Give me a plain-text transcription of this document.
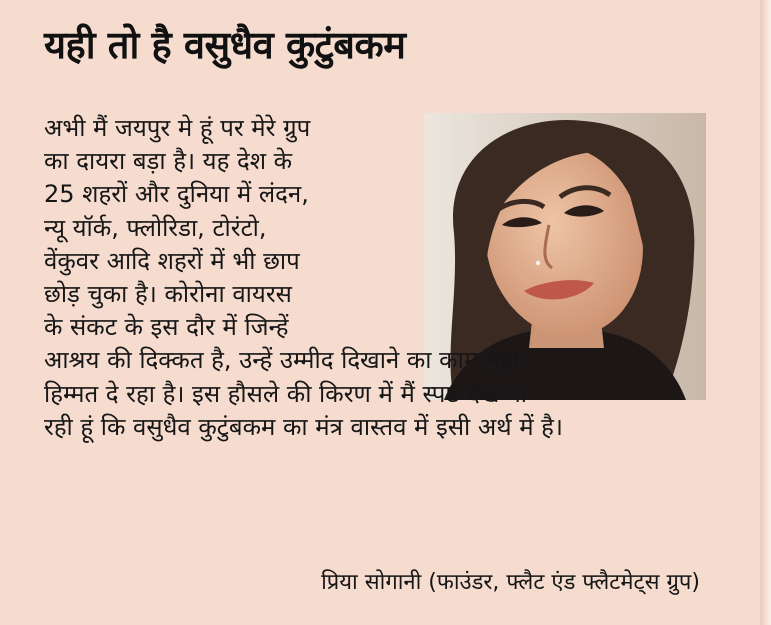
यही तो है वसुधैव कुटुंबकम
अभी मैं जयपुर मे हूं पर मेरे ग्रुप
का दायरा बड़ा है। यह देश के
25 शहरों और दुनिया में लंदन,
न्यू यॉर्क, फ्लोरिडा, टोरंटो,
वेंकुवर आदि शहरों में भी छाप
छोड़ चुका है। कोरोना वायरस
के संकट के इस दौर में जिन्हें
आश्रय की दिक्कत है, उन्हें उम्मीद दिखाने का काम मुझे
हिम्मत दे रहा है। इस हौसले की किरण में मैं स्पष्ट देख पा
रही हूं कि वसुधैव कुटुंबकम का मंत्र वास्तव में इसी अर्थ में है।

प्रिया सोगानी (फाउंडर, फ्लैट एंड फ्लैटमेट्स ग्रुप)
